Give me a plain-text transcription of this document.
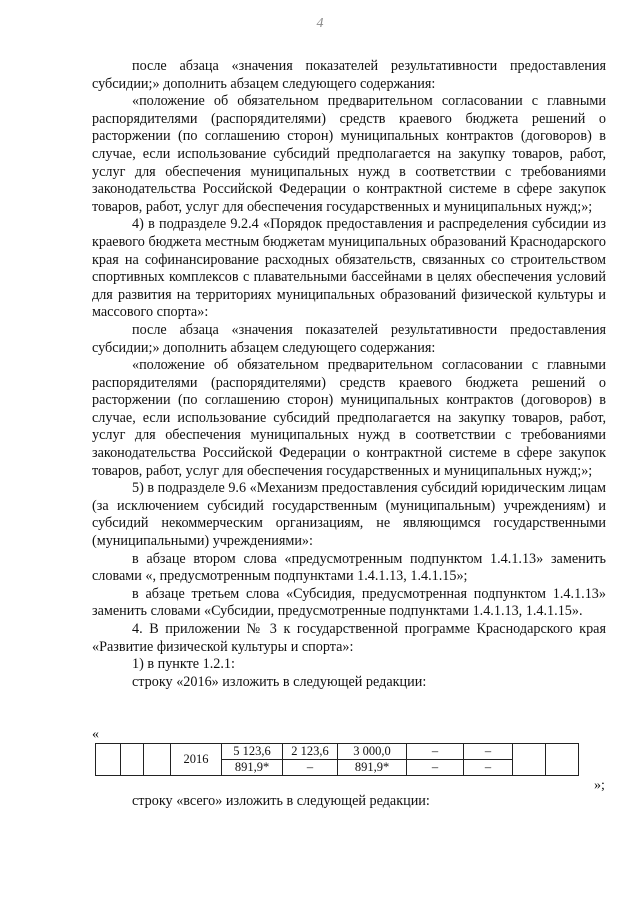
4

после абзаца «значения показателей результативности предоставления субсидии;» дополнить абзацем следующего содержания:

«положение об обязательном предварительном согласовании с главными распорядителями (распорядителями) средств краевого бюджета решений о расторжении (по соглашению сторон) муниципальных контрактов (договоров) в случае, если использование субсидий предполагается на закупку товаров, работ, услуг для обеспечения муниципальных нужд в соответствии с требованиями законодательства Российской Федерации о контрактной системе в сфере закупок товаров, работ, услуг для обеспечения государственных и муниципальных нужд;»;

4) в подразделе 9.2.4 «Порядок предоставления и распределения субсидии из краевого бюджета местным бюджетам муниципальных образований Краснодарского края на софинансирование расходных обязательств, связанных со строительством спортивных комплексов с плавательными бассейнами в целях обеспечения условий для развития на территориях муниципальных образований физической культуры и массового спорта»:

после абзаца «значения показателей результативности предоставления субсидии;» дополнить абзацем следующего содержания:

«положение об обязательном предварительном согласовании с главными распорядителями (распорядителями) средств краевого бюджета решений о расторжении (по соглашению сторон) муниципальных контрактов (договоров) в случае, если использование субсидий предполагается на закупку товаров, работ, услуг для обеспечения муниципальных нужд в соответствии с требованиями законодательства Российской Федерации о контрактной системе в сфере закупок товаров, работ, услуг для обеспечения государственных и муниципальных нужд;»;

5) в подразделе 9.6 «Механизм предоставления субсидий юридическим лицам (за исключением субсидий государственным (муниципальным) учреждениям) и субсидий некоммерческим организациям, не являющимся государственными (муниципальными) учреждениями»:

в абзаце втором слова «предусмотренным подпунктом 1.4.1.13» заменить словами «, предусмотренным подпунктами 1.4.1.13, 1.4.1.15»;

в абзаце третьем слова «Субсидия, предусмотренная подпунктом 1.4.1.13» заменить словами «Субсидии, предусмотренные подпунктами 1.4.1.13, 1.4.1.15».

4. В приложении № 3 к государственной программе Краснодарского края «Развитие физической культуры и спорта»:

1) в пункте 1.2.1:

строку «2016» изложить в следующей редакции:

«
			2016	5 123,6	2 123,6	3 000,0	–	–		
				891,9*	–	891,9*	–	–		
»;
строку «всего» изложить в следующей редакции:
